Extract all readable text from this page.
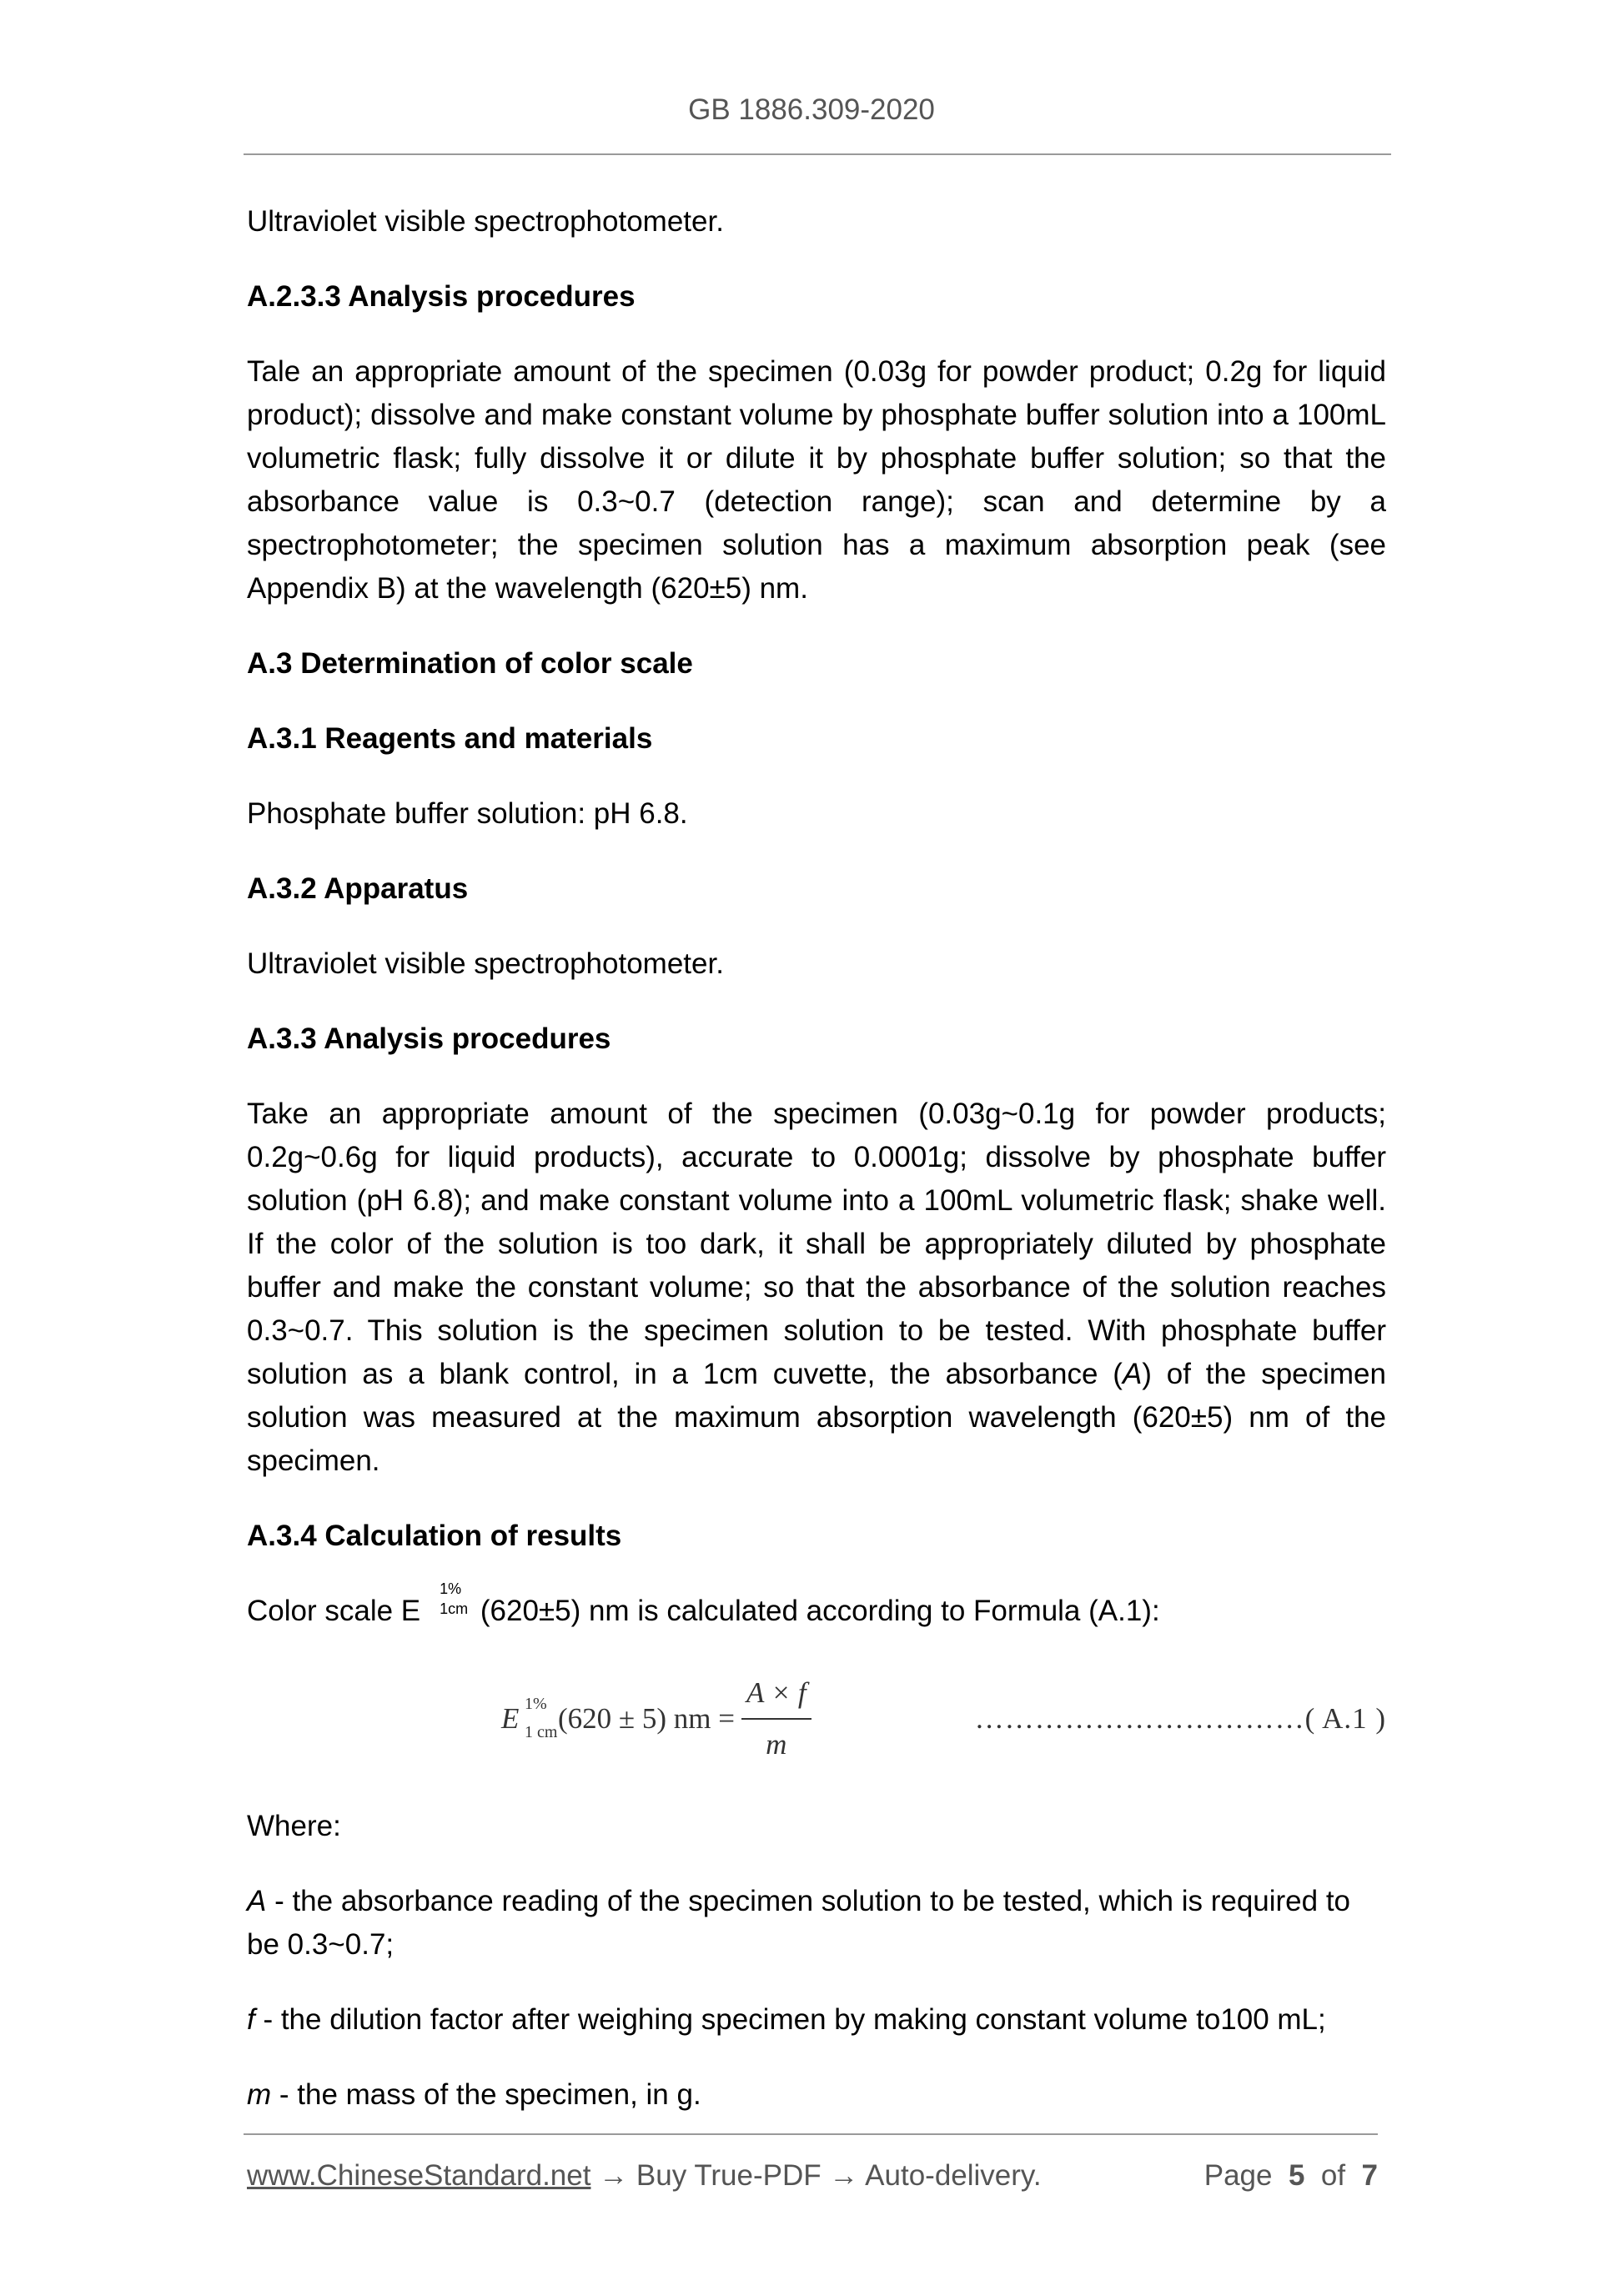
GB 1886.309-2020

Ultraviolet visible spectrophotometer.

A.2.3.3 Analysis procedures

Tale an appropriate amount of the specimen (0.03g for powder product; 0.2g for liquid product); dissolve and make constant volume by phosphate buffer solution into a 100mL volumetric flask; fully dissolve it or dilute it by phosphate buffer solution; so that the absorbance value is 0.3~0.7 (detection range); scan and determine by a spectrophotometer; the specimen solution has a maximum absorption peak (see Appendix B) at the wavelength (620±5) nm.

A.3 Determination of color scale
A.3.1 Reagents and materials

Phosphate buffer solution: pH 6.8.

A.3.2 Apparatus

Ultraviolet visible spectrophotometer.

A.3.3 Analysis procedures

Take an appropriate amount of the specimen (0.03g~0.1g for powder products; 0.2g~0.6g for liquid products), accurate to 0.0001g; dissolve by phosphate buffer solution (pH 6.8); and make constant volume into a 100mL volumetric flask; shake well. If the color of the solution is too dark, it shall be appropriately diluted by phosphate buffer and make the constant volume; so that the absorbance of the solution reaches 0.3~0.7. This solution is the specimen solution to be tested. With phosphate buffer solution as a blank control, in a 1cm cuvette, the absorbance (A) of the specimen solution was measured at the maximum absorption wavelength (620±5) nm of the specimen.

A.3.4 Calculation of results

Color scale E
1%
1cm (620±5) nm is calculated according to Formula (A.1):

E 1%
1 cm (620 ± 5) nm = $\frac{A \times f}{m}$	……………………………( A.1 )

Where:

A - the absorbance reading of the specimen solution to be tested, which is required to be 0.3~0.7;

f - the dilution factor after weighing specimen by making constant volume to100 mL;

m - the mass of the specimen, in g.

www.ChineseStandard.net → Buy True-PDF → Auto-delivery.	Page 5 of 7
